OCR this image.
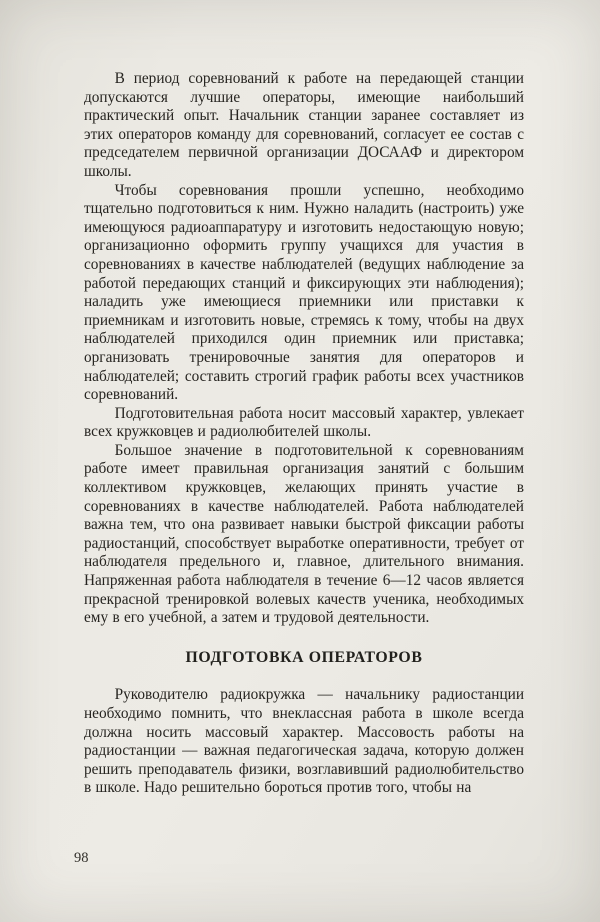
В период соревнований к работе на передающей станции допускаются лучшие операторы, имеющие наибольший практический опыт. Начальник станции заранее составляет из этих операторов команду для соревнований, согласует ее состав с председателем первичной организации ДОСААФ и директором школы.

Чтобы соревнования прошли успешно, необходимо тщательно подготовиться к ним. Нужно наладить (настроить) уже имеющуюся радиоаппаратуру и изготовить недостающую новую; организационно оформить группу учащихся для участия в соревнованиях в качестве наблюдателей (ведущих наблюдение за работой передающих станций и фиксирующих эти наблюдения); наладить уже имеющиеся приемники или приставки к приемникам и изготовить новые, стремясь к тому, чтобы на двух наблюдателей приходился один приемник или приставка; организовать тренировочные занятия для операторов и наблюдателей; составить строгий график работы всех участников соревнований.

Подготовительная работа носит массовый характер, увлекает всех кружковцев и радиолюбителей школы.

Большое значение в подготовительной к соревнованиям работе имеет правильная организация занятий с большим коллективом кружковцев, желающих принять участие в соревнованиях в качестве наблюдателей. Работа наблюдателей важна тем, что она развивает навыки быстрой фиксации работы радиостанций, способствует выработке оперативности, требует от наблюдателя предельного и, главное, длительного внимания. Напряженная работа наблюдателя в течение 6—12 часов является прекрасной тренировкой волевых качеств ученика, необходимых ему в его учебной, а затем и трудовой деятельности.

ПОДГОТОВКА ОПЕРАТОРОВ

Руководителю радиокружка — начальнику радиостанции необходимо помнить, что внеклассная работа в школе всегда должна носить массовый характер. Массовость работы на радиостанции — важная педагогическая задача, которую должен решить преподаватель физики, возглавивший радиолюбительство в школе. Надо решительно бороться против того, чтобы на

98
